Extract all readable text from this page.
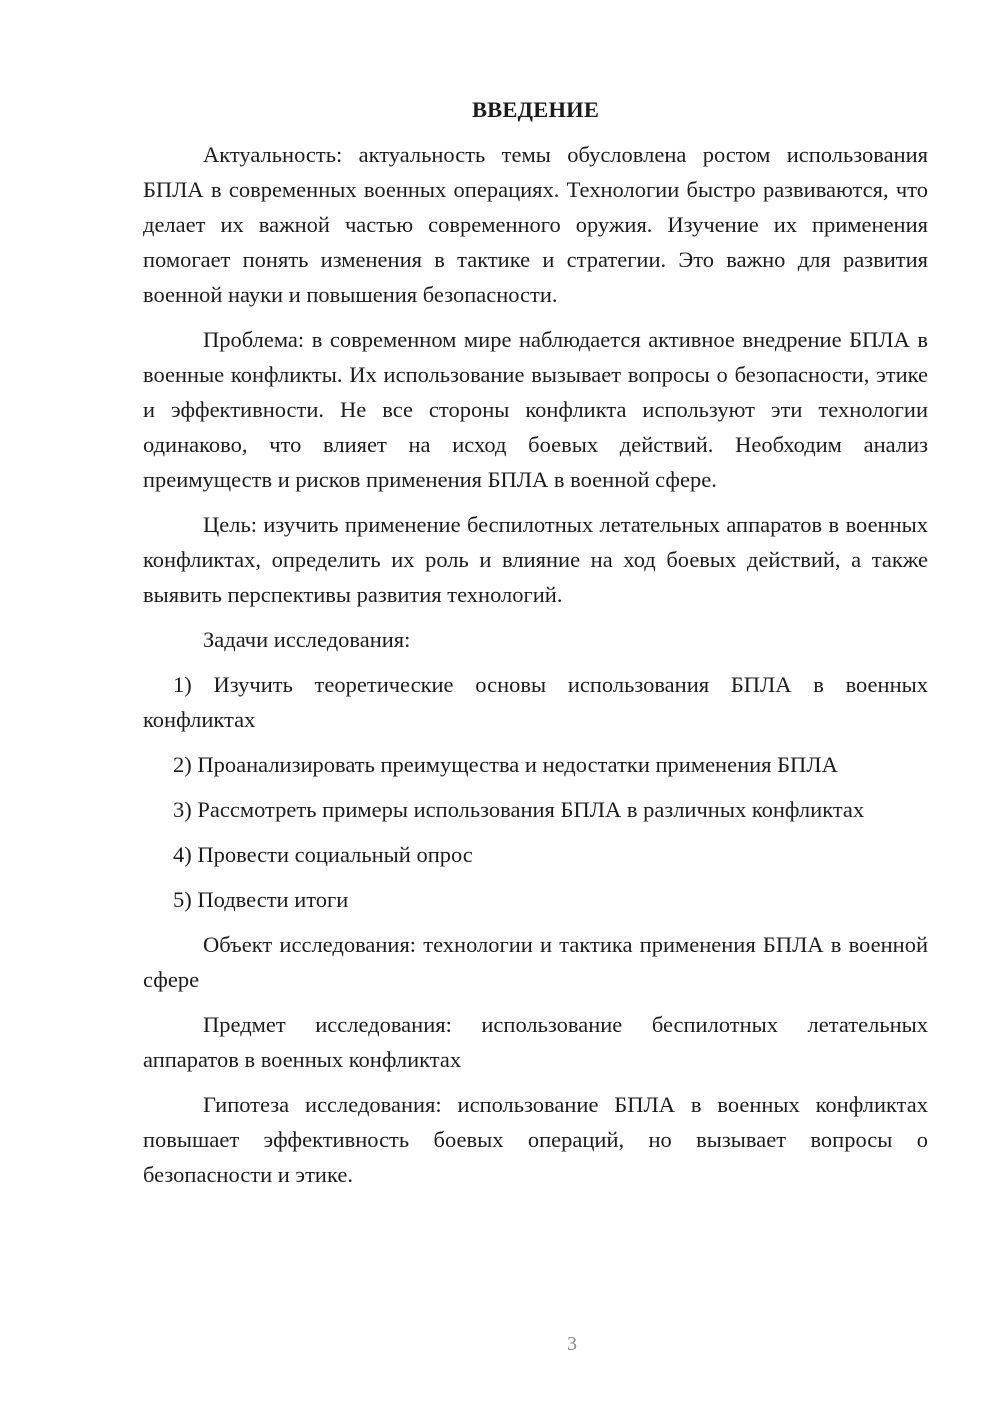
ВВЕДЕНИЕ

Актуальность: актуальность темы обусловлена ростом использования БПЛА в современных военных операциях. Технологии быстро развиваются, что делает их важной частью современного оружия. Изучение их применения помогает понять изменения в тактике и стратегии. Это важно для развития военной науки и повышения безопасности.

Проблема: в современном мире наблюдается активное внедрение БПЛА в военные конфликты. Их использование вызывает вопросы о безопасности, этике и эффективности. Не все стороны конфликта используют эти технологии одинаково, что влияет на исход боевых действий. Необходим анализ преимуществ и рисков применения БПЛА в военной сфере.

Цель: изучить применение беспилотных летательных аппаратов в военных конфликтах, определить их роль и влияние на ход боевых действий, а также выявить перспективы развития технологий.

Задачи исследования:

1) Изучить теоретические основы использования БПЛА в военных конфликтах

2) Проанализировать преимущества и недостатки применения БПЛА

3) Рассмотреть примеры использования БПЛА в различных конфликтах

4) Провести социальный опрос

5) Подвести итоги

Объект исследования: технологии и тактика применения БПЛА в военной сфере

Предмет исследования: использование беспилотных летательных аппаратов в военных конфликтах

Гипотеза исследования: использование БПЛА в военных конфликтах повышает эффективность боевых операций, но вызывает вопросы о безопасности и этике.

3
